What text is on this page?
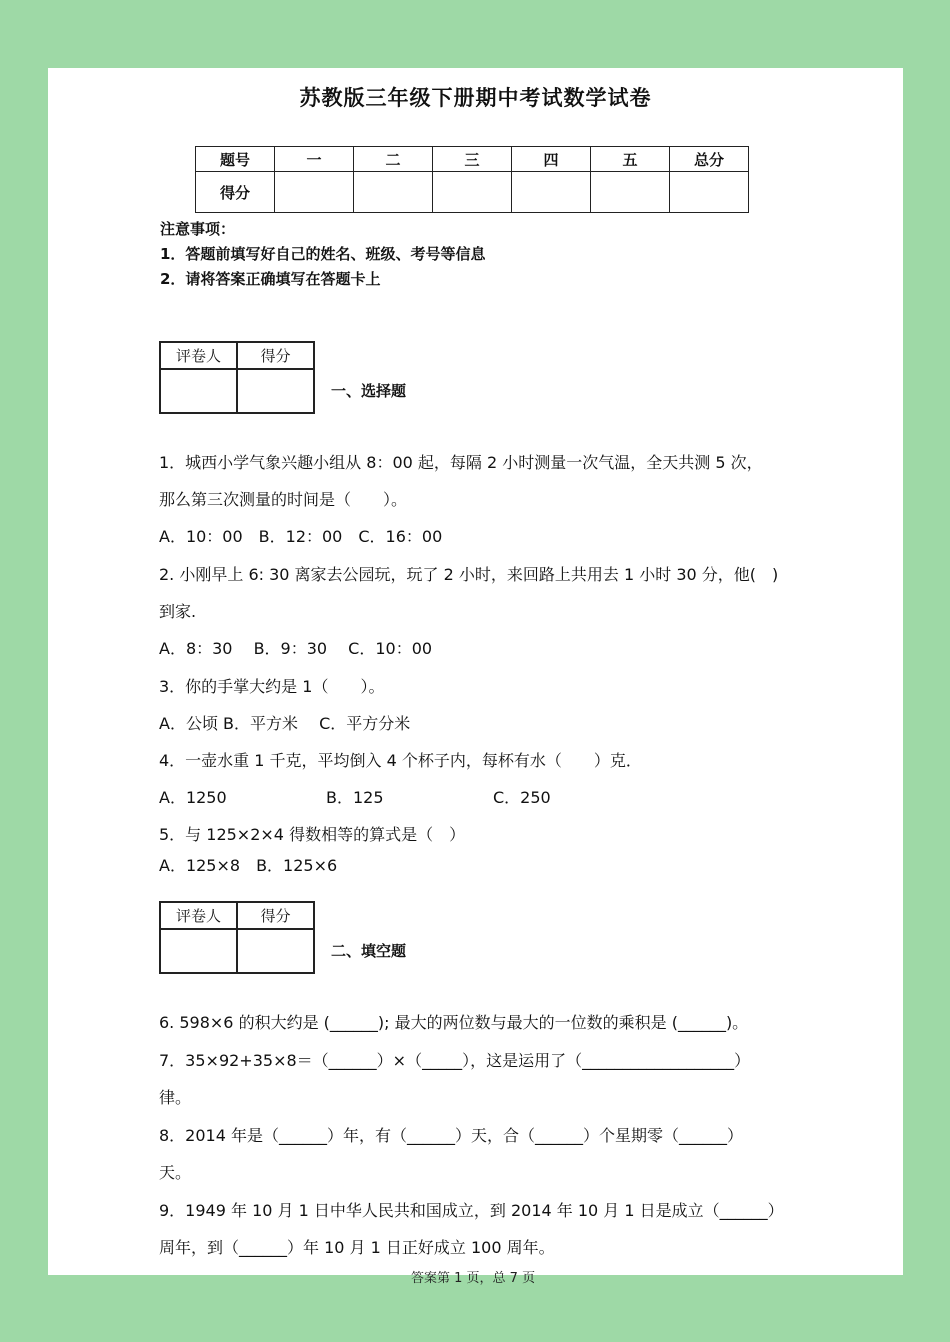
苏教版三年级下册期中考试数学试卷
题号	一	二	三	四	五	总分
得分						
注意事项：
1．答题前填写好自己的姓名、班级、考号等信息
2．请将答案正确填写在答题卡上
评卷人	得分

一、选择题
1．城西小学气象兴趣小组从 8：00 起，每隔 2 小时测量一次气温，全天共测 5 次，
那么第三次测量的时间是（　　）。
A．10：00　B．12：00　C．16：00
2. 小刚早上 6: 30 离家去公园玩，玩了 2 小时，来回路上共用去 1 小时 30 分，他(　)
到家.
A．8：30　 B．9：30　 C．10：00
3．你的手掌大约是 1（　　）。
A．公顷 B．平方米　 C．平方分米
4．一壶水重 1 千克，平均倒入 4 个杯子内，每杯有水（　　）克．
A．1250	B．125	C．250
5．与 125×2×4 得数相等的算式是（　）
A．125×8　B．125×6
评卷人	得分

二、填空题
6. 598×6 的积大约是 (______); 最大的两位数与最大的一位数的乘积是 (______)。
7．35×92+35×8＝（______）×（_____），这是运用了（___________________）
律。
8．2014 年是（______）年，有（______）天，合（______）个星期零（______）
天。
9．1949 年 10 月 1 日中华人民共和国成立，到 2014 年 10 月 1 日是成立（______）
周年，到（______）年 10 月 1 日正好成立 100 周年。
答案第 1 页，总 7 页
